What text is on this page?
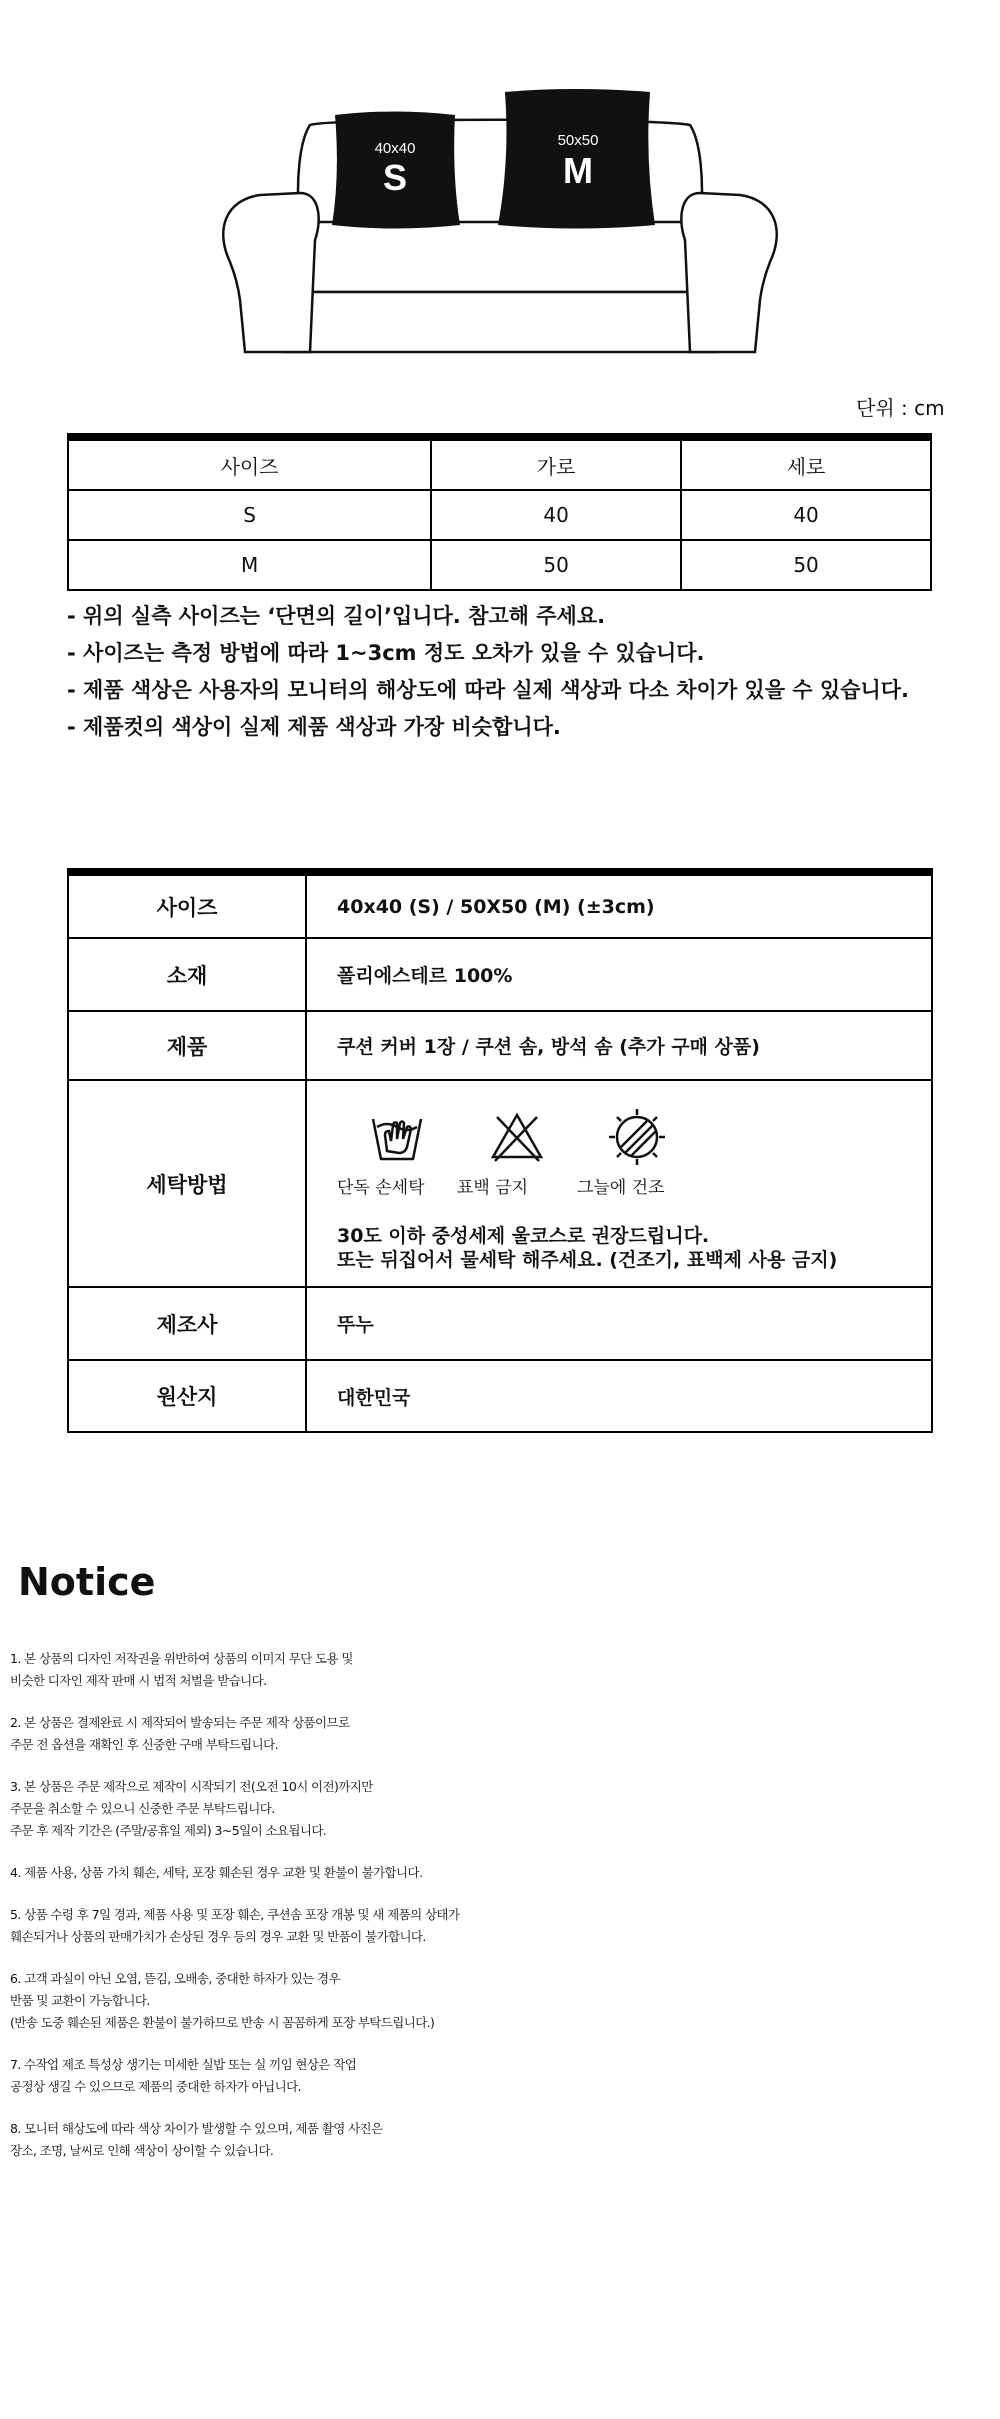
40x40
S
50x50
M
단위 : cm
사이즈	가로	세로
S	40	40
M	50	50
- 위의 실측 사이즈는 ‘단면의 길이’입니다. 참고해 주세요.
- 사이즈는 측정 방법에 따라 1~3cm 정도 오차가 있을 수 있습니다.
- 제품 색상은 사용자의 모니터의 해상도에 따라 실제 색상과 다소 차이가 있을 수 있습니다.
- 제품컷의 색상이 실제 제품 색상과 가장 비슷합니다.
사이즈	40x40 (S) / 50X50 (M) (±3cm)
소재	폴리에스테르 100%
제품	쿠션 커버 1장 / 쿠션 솜, 방석 솜 (추가 구매 상품)
세탁방법	단독 손세탁 표백 금지 그늘에 건조
30도 이하 중성세제 울코스로 권장드립니다.
또는 뒤집어서 물세탁 해주세요. (건조기, 표백제 사용 금지)

제조사	뚜누
원산지	대한민국
Notice
1. 본 상품의 디자인 저작권을 위반하여 상품의 이미지 무단 도용 및
비슷한 디자인 제작 판매 시 법적 처벌을 받습니다.
2. 본 상품은 결제완료 시 제작되어 발송되는 주문 제작 상품이므로
주문 전 옵션을 재확인 후 신중한 구매 부탁드립니다.
3. 본 상품은 주문 제작으로 제작이 시작되기 전(오전 10시 이전)까지만
주문을 취소할 수 있으니 신중한 주문 부탁드립니다.
주문 후 제작 기간은 (주말/공휴일 제외) 3~5일이 소요됩니다.
4. 제품 사용, 상품 가치 훼손, 세탁, 포장 훼손된 경우 교환 및 환불이 불가합니다.
5. 상품 수령 후 7일 경과, 제품 사용 및 포장 훼손, 쿠션솜 포장 개봉 및 새 제품의 상태가
훼손되거나 상품의 판매가치가 손상된 경우 등의 경우 교환 및 반품이 불가합니다.
6. 고객 과실이 아닌 오염, 뜯김, 오배송, 중대한 하자가 있는 경우
반품 및 교환이 가능합니다.
(반송 도중 훼손된 제품은 환불이 불가하므로 반송 시 꼼꼼하게 포장 부탁드립니다.)
7. 수작업 제조 특성상 생기는 미세한 실밥 또는 실 끼임 현상은 작업
공정상 생길 수 있으므로 제품의 중대한 하자가 아닙니다.
8. 모니터 해상도에 따라 색상 차이가 발생할 수 있으며, 제품 촬영 사진은
장소, 조명, 날씨로 인해 색상이 상이할 수 있습니다.
